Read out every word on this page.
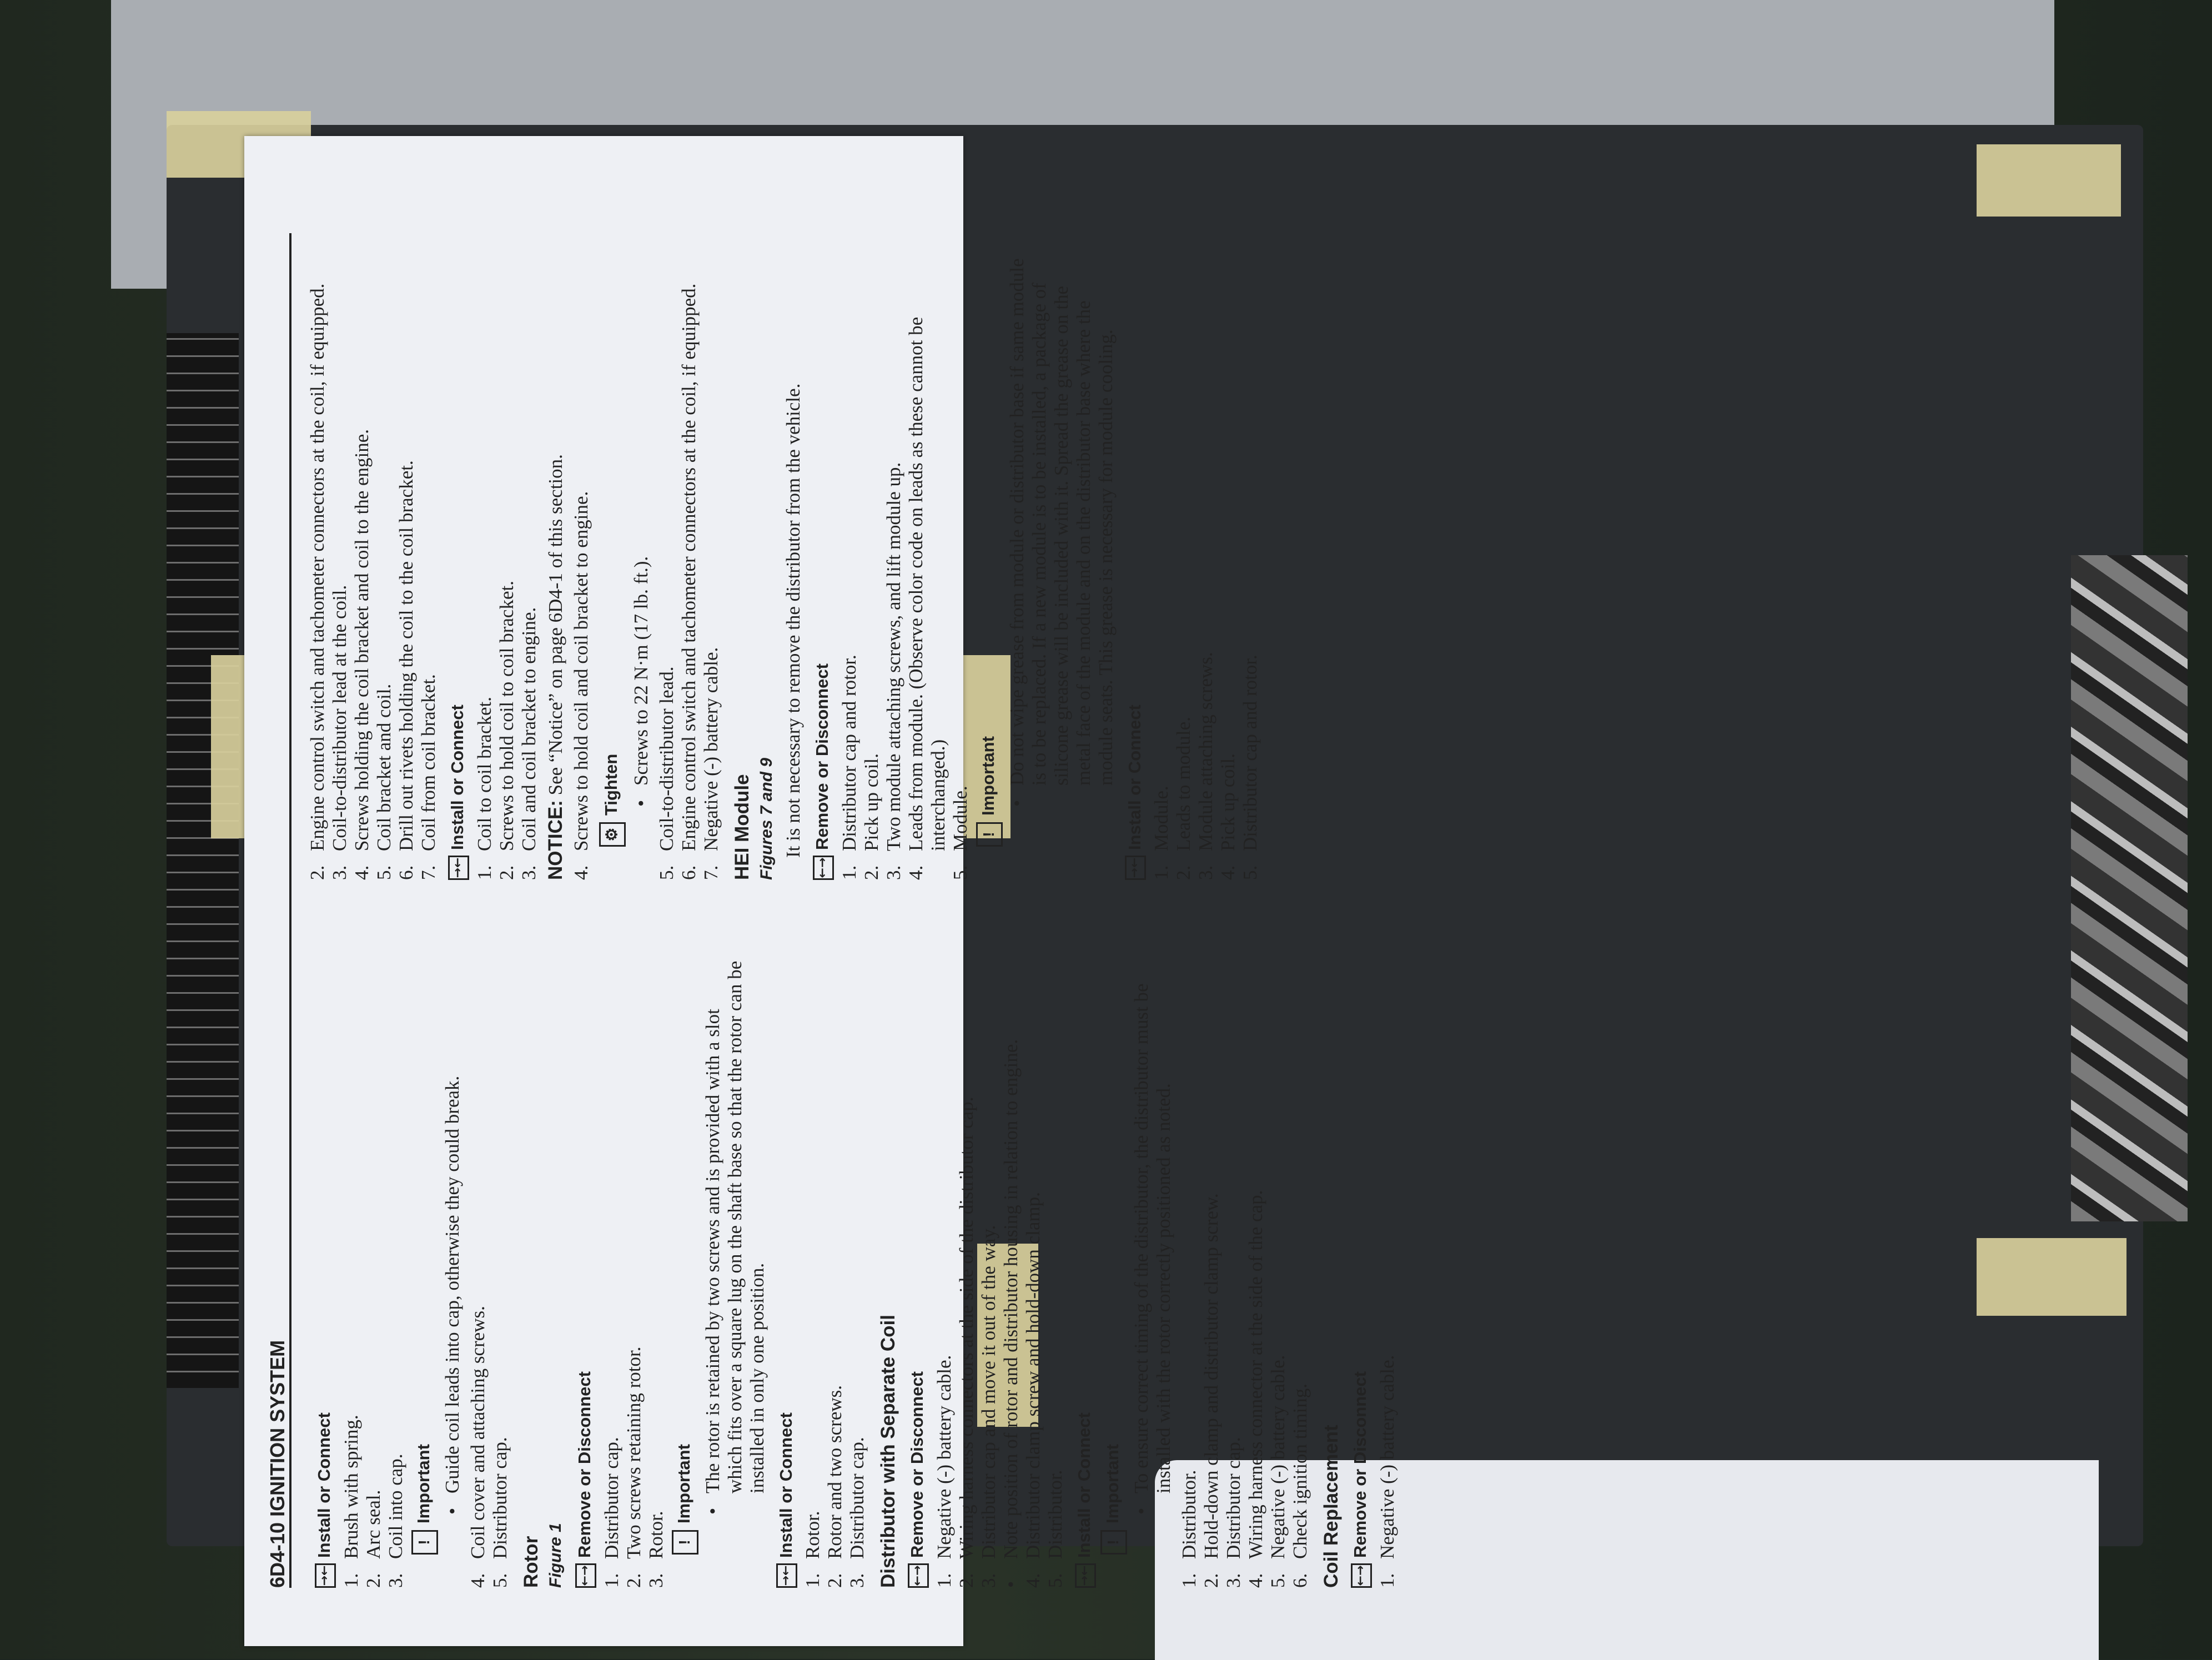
6D4-10 IGNITION SYSTEM	→←Install or Connect
1.
Brush with spring.
2.
Arc seal.
3.
Coil into cap. !Important •Guide coil leads into cap, otherwise they could break.

4.
Coil cover and attaching screws.
5.
Distributor cap.
Rotor Figure 1	←→Remove or Disconnect
1.
Distributor cap.
2.
Two screws retaining rotor.
3.
Rotor. !Important •The rotor is retained by two screws and is provided with a slot which fits over a square lug on the shaft base so that the rotor can be installed in only one position.

→←Install or Connect
1.
Rotor.
2.
Rotor and two screws.
3.
Distributor cap. Distributor with Separate Coil ←→Remove or Disconnect
1.
Negative (-) battery cable.
2.
Wiring harness connectors at the side of the distributor cap.
3.
Distributor cap and move it out of the way.
•
Note position of rotor and distributor housing in relation to engine.
4.
Distributor clamp screw and hold-down clamp.
5.
Distributor.
→←Install or Connect !Important •To ensure correct timing of the distributor, the distributor must be installed with the rotor correctly positioned as noted.

1.
Distributor.
2.
Hold-down clamp and distributor clamp screw.
3.
Distributor cap.
4.
Wiring harness connector at the side of the cap.
5.
Negative (-) battery cable.
6.
Check ignition timing. Coil Replacement ←→Remove or Disconnect
1.
Negative (-) battery cable.
2.
Engine control switch and tachometer connectors at the coil, if equipped.
3.
Coil-to-distributor lead at the coil.
4.
Screws holding the coil bracket and coil to the engine.
5.
Coil bracket and coil.
6.
Drill out rivets holding the coil to the coil bracket.
7.
Coil from coil bracket.
→←Install or Connect
1.
Coil to coil bracket.
2.
Screws to hold coil to coil bracket.
3.
Coil and coil bracket to engine. NOTICE: See “Notice” on page 6D4-1 of this section.

4.
Screws to hold coil and coil bracket to engine. ⚙Tighten •Screws to 22 N·m (17 lb. ft.).

5.
Coil-to-distributor lead.
6.
Engine control switch and tachometer connectors at the coil, if equipped.
7.
Negative (-) battery cable. HEI Module Figures 7 and 9 It is not necessary to remove the distributor from the vehicle.

←→Remove or Disconnect
1.
Distributor cap and rotor.
2.
Pick up coil.
3.
Two module attaching screws, and lift module up.
4.
Leads from module. (Observe color code on leads as these cannot be interchanged.)
5.
Module. !Important •Do not wipe grease from module or distributor base if same module is to be replaced. If a new module is to be installed, a package of silicone grease will be included with it. Spread the grease on the metal face of the module and on the distributor base where the module seats. This grease is necessary for module cooling.

→←Install or Connect
1.
Module.
2.
Leads to module.
3.
Module attaching screws.
4.
Pick up coil.
5.
Distributor cap and rotor.
